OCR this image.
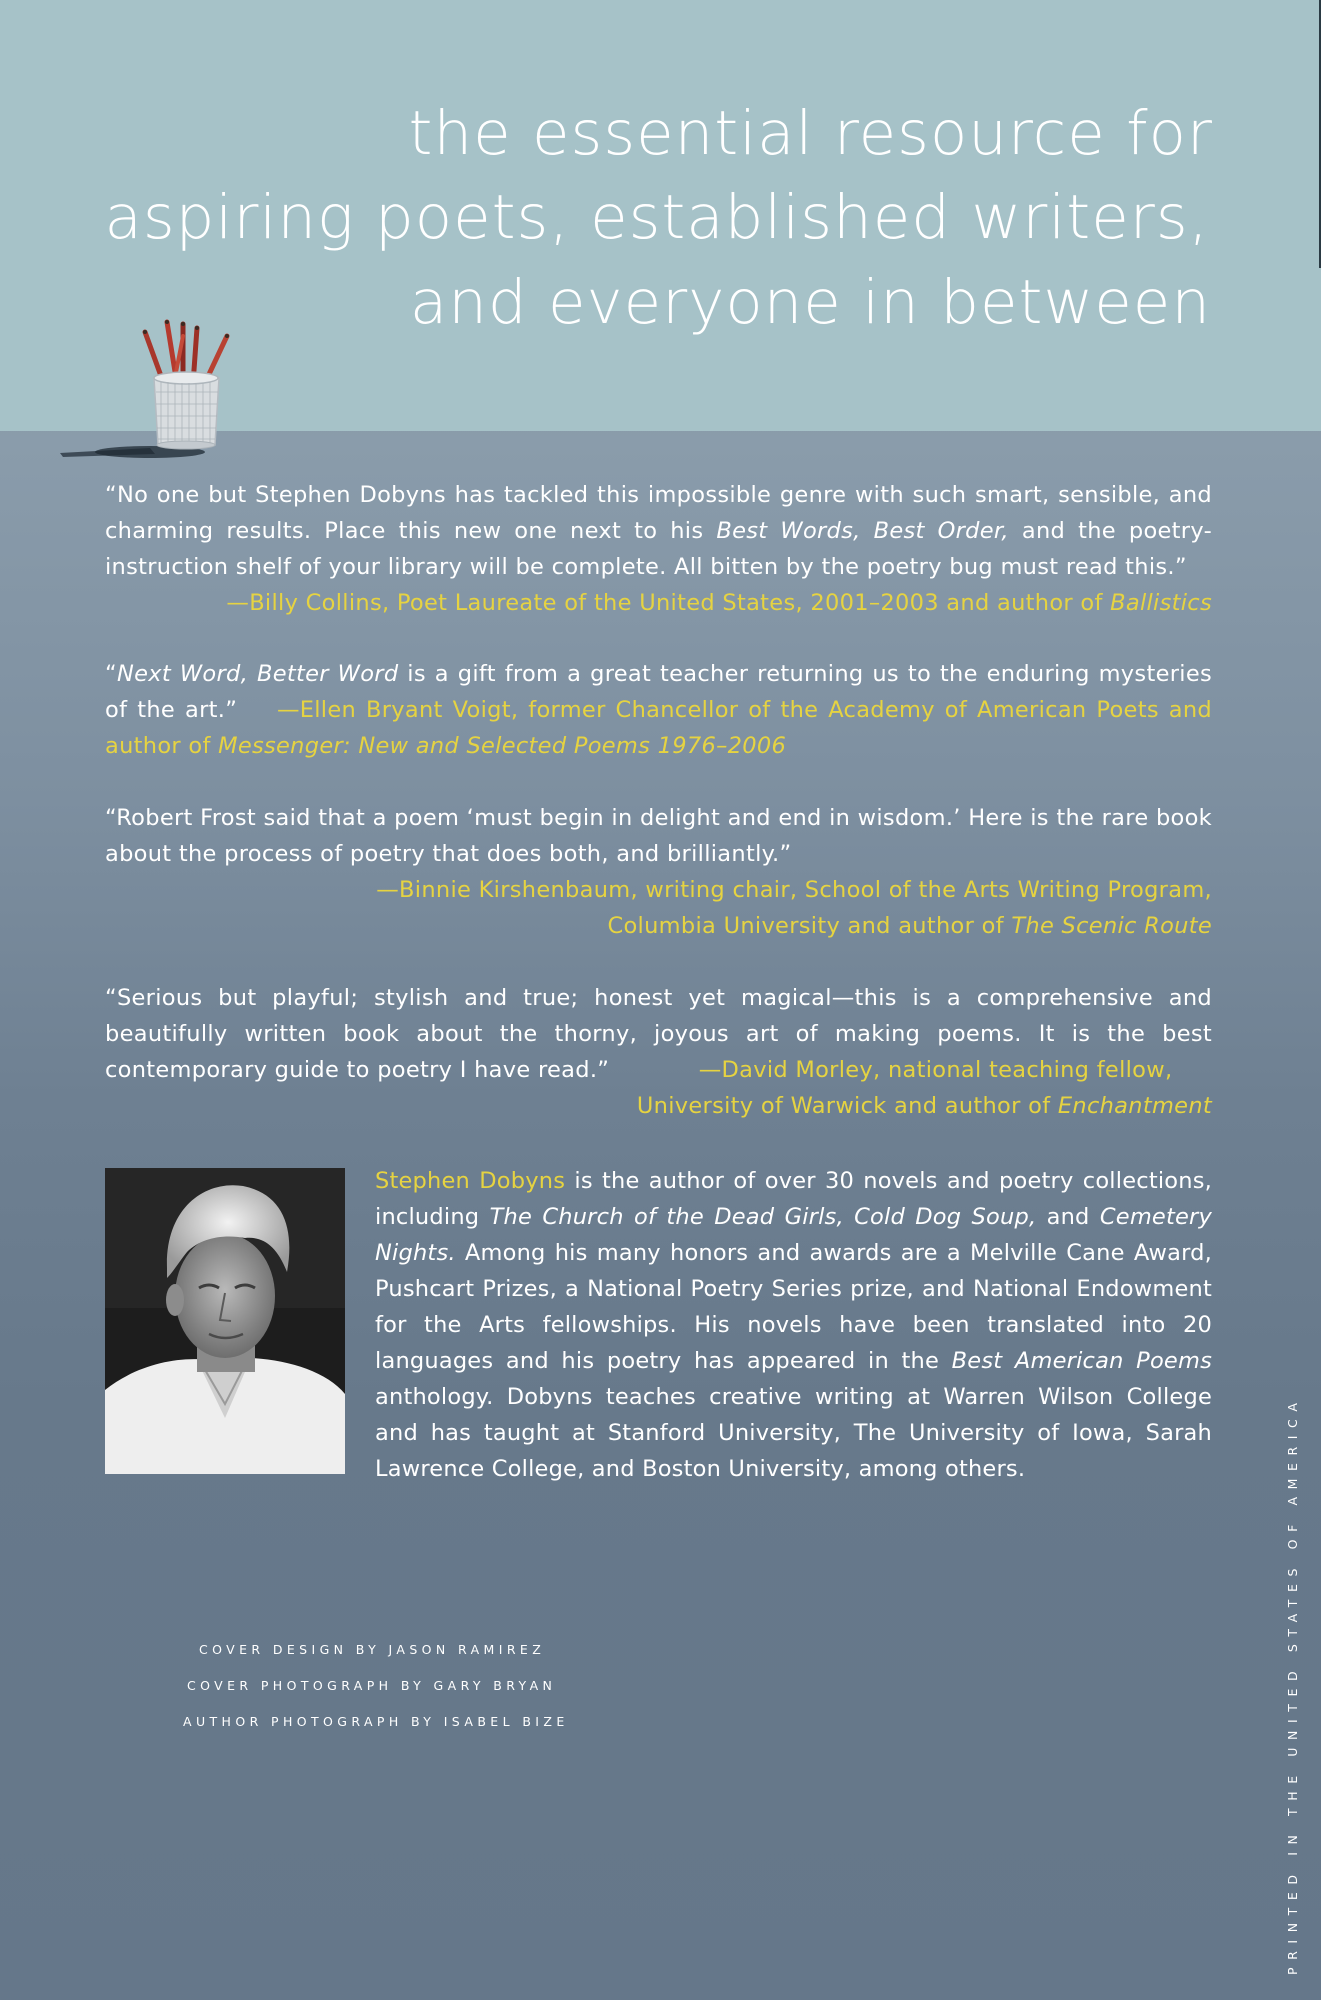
the essential resource for

aspiring poets, established writers,

and everyone in between

“No one but Stephen Dobyns has tackled this impossible genre with such smart, sensible, and charming results. Place this new one next to his Best Words, Best Order, and the poetry-instruction shelf of your library will be complete. All bitten by the poetry bug must read this.”
—Billy Collins, Poet Laureate of the United States, 2001–2003 and author of Ballistics
“Next Word, Better Word is a gift from a great teacher returning us to the enduring mysteries of the art.” —Ellen Bryant Voigt, former Chancellor of the Academy of American Poets and author of Messenger: New and Selected Poems 1976–2006
“Robert Frost said that a poem ‘must begin in delight and end in wisdom.’ Here is the rare book about the process of poetry that does both, and brilliantly.”
—Binnie Kirshenbaum, writing chair, School of the Arts Writing Program,
Columbia University and author of The Scenic Route
“Serious but playful; stylish and true; honest yet magical—this is a comprehensive and beautifully written book about the thorny, joyous art of making poems. It is the best contemporary guide to poetry I have read.”	—David Morley, national teaching fellow,
University of Warwick and author of Enchantment
Stephen Dobyns is the author of over 30 novels and poetry collections, including The Church of the Dead Girls, Cold Dog Soup, and Cemetery Nights. Among his many honors and awards are a Melville Cane Award, Pushcart Prizes, a National Poetry Series prize, and National Endowment for the Arts fellowships. His novels have been translated into 20 languages and his poetry has appeared in the Best American Poems anthology. Dobyns teaches creative writing at Warren Wilson College and has taught at Stanford University, The University of Iowa, Sarah Lawrence College, and Boston University, among others.
COVER DESIGN BY JASON RAMIREZ
COVER PHOTOGRAPH BY GARY BRYAN
AUTHOR PHOTOGRAPH BY ISABEL BIZE	PRINTED IN THE UNITED STATES OF AMERICA
